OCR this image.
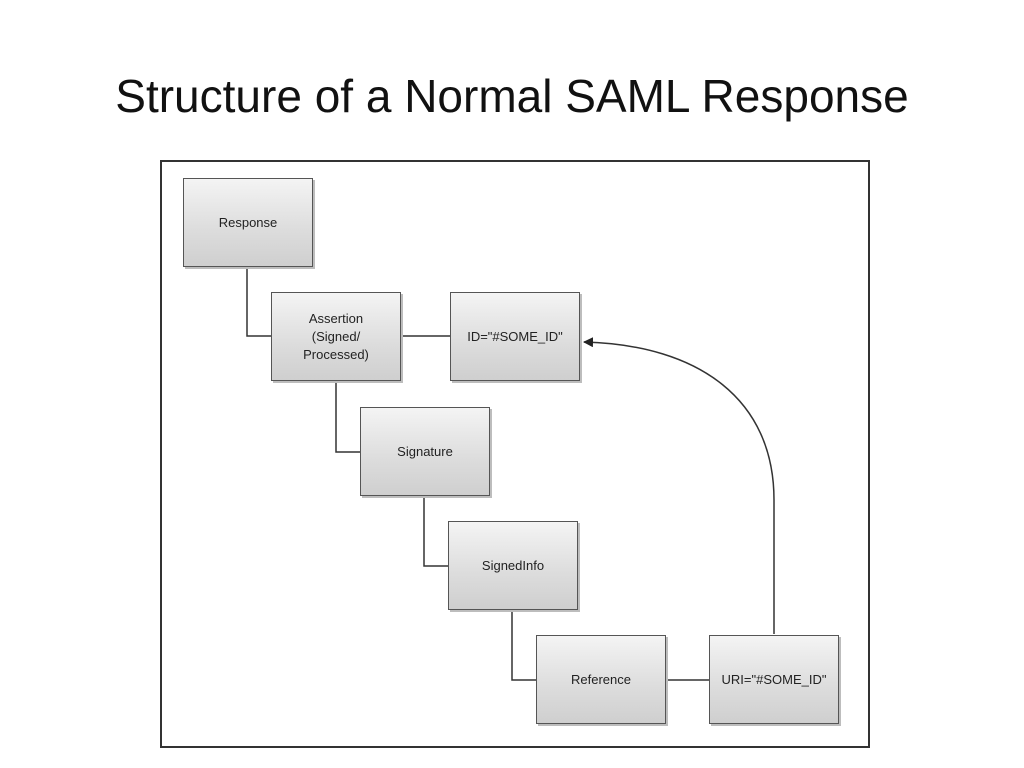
Structure of a Normal SAML Response
Response
Assertion
(Signed/
Processed)
ID="#SOME_ID"
Signature
SignedInfo
Reference	URI="#SOME_ID"
